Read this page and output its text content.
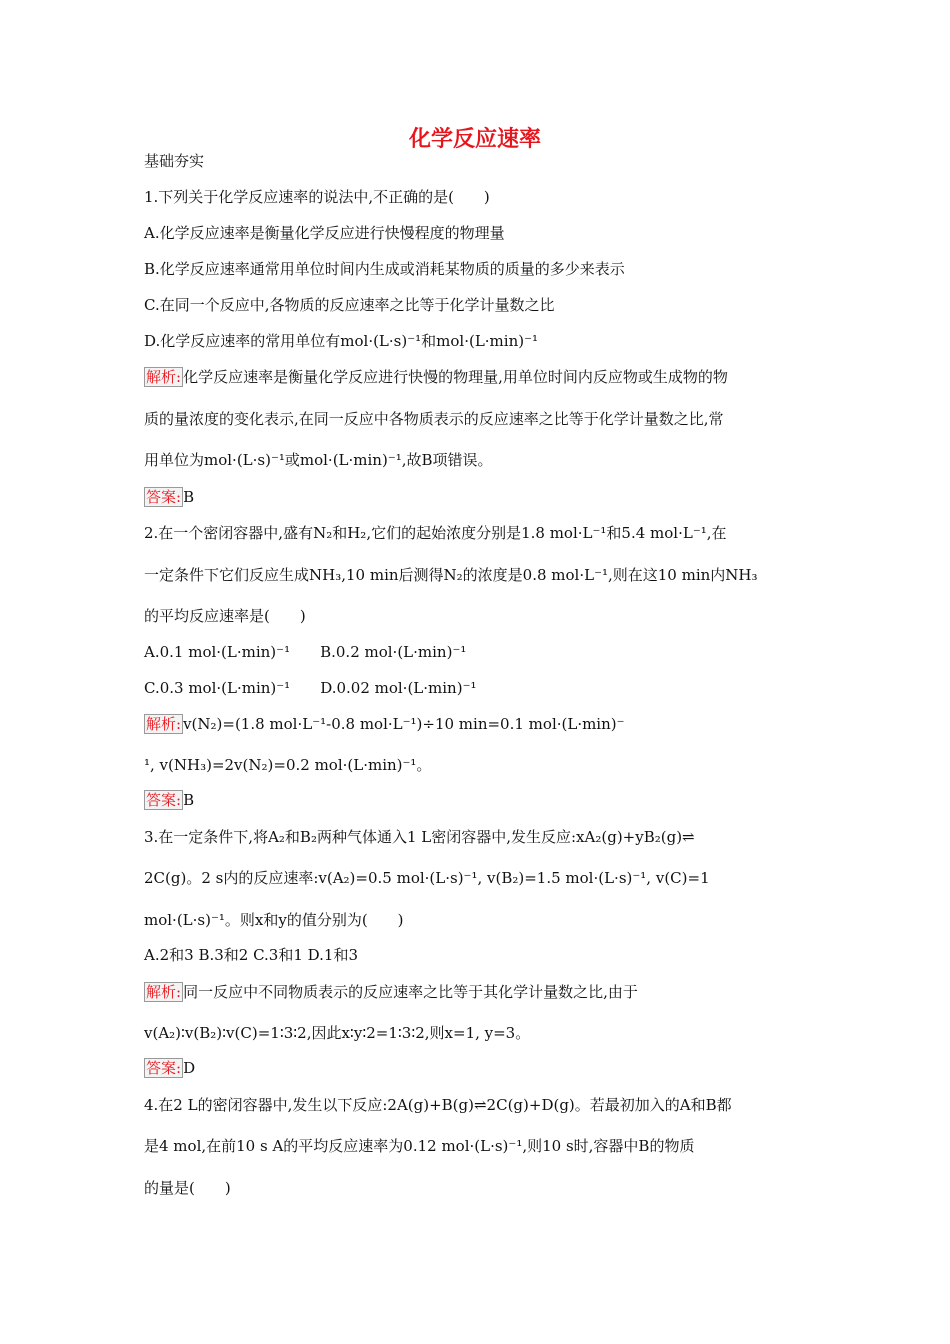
化学反应速率
基础夯实
1.下列关于化学反应速率的说法中,不正确的是(　　)
A.化学反应速率是衡量化学反应进行快慢程度的物理量
B.化学反应速率通常用单位时间内生成或消耗某物质的质量的多少来表示
C.在同一个反应中,各物质的反应速率之比等于化学计量数之比
D.化学反应速率的常用单位有mol·(L·s)⁻¹和mol·(L·min)⁻¹
解析: 化学反应速率是衡量化学反应进行快慢的物理量,用单位时间内反应物或生成物的物
质的量浓度的变化表示,在同一反应中各物质表示的反应速率之比等于化学计量数之比,常
用单位为mol·(L·s)⁻¹或mol·(L·min)⁻¹,故B项错误。
答案: B
2.在一个密闭容器中,盛有N₂和H₂,它们的起始浓度分别是1.8 mol·L⁻¹和5.4 mol·L⁻¹,在
一定条件下它们反应生成NH₃,10 min后测得N₂的浓度是0.8 mol·L⁻¹,则在这10 min内NH₃
的平均反应速率是(　　)
A.0.1 mol·(L·min)⁻¹ B.0.2 mol·(L·min)⁻¹
C.0.3 mol·(L·min)⁻¹ D.0.02 mol·(L·min)⁻¹
解析: v(N₂)=(1.8 mol·L⁻¹-0.8 mol·L⁻¹)÷10 min=0.1 mol·(L·min)⁻
¹, v(NH₃)=2v(N₂)=0.2 mol·(L·min)⁻¹。
答案: B
3.在一定条件下,将A₂和B₂两种气体通入1 L密闭容器中,发生反应:xA₂(g)+yB₂(g)⇌
2C(g)。2 s内的反应速率:v(A₂)=0.5 mol·(L·s)⁻¹, v(B₂)=1.5 mol·(L·s)⁻¹, v(C)=1
mol·(L·s)⁻¹。则x和y的值分别为(　　)
A.2和3 B.3和2 C.3和1 D.1和3
解析: 同一反应中不同物质表示的反应速率之比等于其化学计量数之比,由于
v(A₂)∶v(B₂)∶v(C)=1∶3∶2,因此x∶y∶2=1∶3∶2,则x=1, y=3。
答案: D
4.在2 L的密闭容器中,发生以下反应:2A(g)+B(g)⇌2C(g)+D(g)。若最初加入的A和B都
是4 mol,在前10 s A的平均反应速率为0.12 mol·(L·s)⁻¹,则10 s时,容器中B的物质
的量是(　　)
